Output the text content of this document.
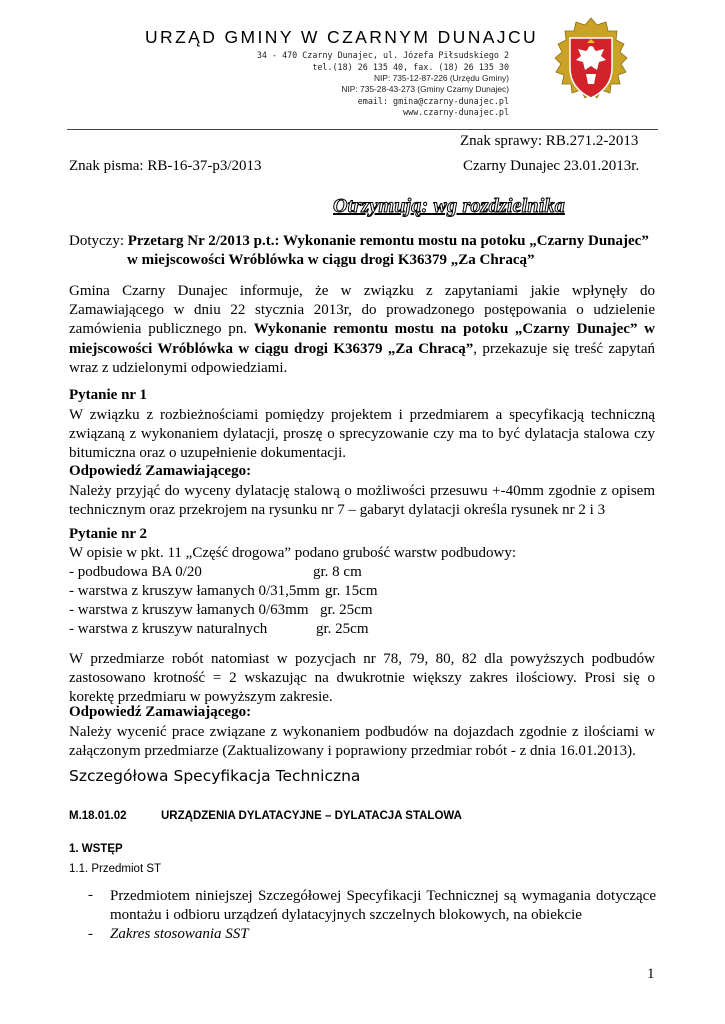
URZĄD GMINY W CZARNYM DUNAJCU
34 - 470 Czarny Dunajec, ul. Józefa Piłsudskiego 2
tel.(18) 26 135 40, fax. (18) 26 135 30
NIP: 735-12-87-226 (Urzędu Gminy)
NIP: 735-28-43-273 (Gminy Czarny Dunajec)
email: gmina@czarny-dunajec.pl
www.czarny-dunajec.pl
Znak sprawy: RB.271.2-2013
Znak pisma: RB-16-37-p3/2013	Czarny Dunajec 23.01.2013r.
Otrzymują: wg rozdzielnika
Dotyczy: Przetarg Nr 2/2013 p.t.: Wykonanie remontu mostu na potoku „Czarny Dunajec”
w miejscowości Wróblówka w ciągu drogi K36379 „Za Chracą”
Gmina Czarny Dunajec informuje, że w związku z zapytaniami jakie wpłynęły do Zamawiającego w dniu 22 stycznia 2013r, do prowadzonego postępowania o udzielenie zamówienia publicznego pn. Wykonanie remontu mostu na potoku „Czarny Dunajec” w miejscowości Wróblówka w ciągu drogi K36379 „Za Chracą”, przekazuje się treść zapytań wraz z udzielonymi odpowiedziami.
Pytanie nr 1
W związku z rozbieżnościami pomiędzy projektem i przedmiarem a specyfikacją techniczną związaną z wykonaniem dylatacji, proszę o sprecyzowanie czy ma to być dylatacja stalowa czy bitumiczna oraz o uzupełnienie dokumentacji.
Odpowiedź Zamawiającego:
Należy przyjąć do wyceny dylatację stalową o możliwości przesuwu +-40mm zgodnie z opisem technicznym oraz przekrojem na rysunku nr 7 – gabaryt dylatacji określa rysunek nr 2 i 3
Pytanie nr 2
W opisie w pkt. 11 „Część drogowa” podano grubość warstw podbudowy:
- podbudowa BA 0/20	gr. 8 cm
- warstwa z kruszyw łamanych 0/31,5mm gr. 15cm
- warstwa z kruszyw łamanych 0/63mm gr. 25cm
- warstwa z kruszyw naturalnych	gr. 25cm
W przedmiarze robót natomiast w pozycjach nr 78, 79, 80, 82 dla powyższych podbudów zastosowano krotność = 2 wskazując na dwukrotnie większy zakres ilościowy. Prosi się o korektę przedmiaru w powyższym zakresie.
Odpowiedź Zamawiającego:
Należy wycenić prace związane z wykonaniem podbudów na dojazdach zgodnie z ilościami w załączonym przedmiarze (Zaktualizowany i poprawiony przedmiar robót - z dnia 16.01.2013).
Szczegółowa Specyfikacja Techniczna
M.18.01.02	URZĄDZENIA DYLATACYJNE – DYLATACJA STALOWA
1. WSTĘP
1.1. Przedmiot ST
- Przedmiotem niniejszej Szczegółowej Specyfikacji Technicznej są wymagania dotyczące montażu i odbioru urządzeń dylatacyjnych szczelnych blokowych, na obiekcie
- Zakres stosowania SST
1
